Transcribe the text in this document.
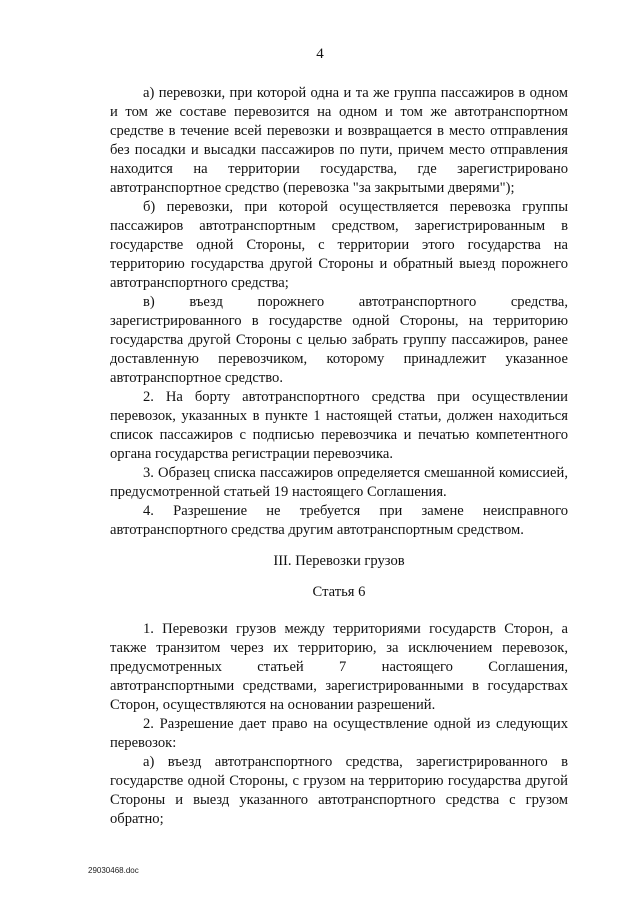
4

а) перевозки, при которой одна и та же группа пассажиров в одном и том же составе перевозится на одном и том же автотранспортном средстве в течение всей перевозки и возвращается в место отправления без посадки и высадки пассажиров по пути, причем место отправления находится на территории государства, где зарегистрировано автотранспортное средство (перевозка "за закрытыми дверями");

б) перевозки, при которой осуществляется перевозка группы пассажиров автотранспортным средством, зарегистрированным в государстве одной Стороны, с территории этого государства на территорию государства другой Стороны и обратный выезд порожнего автотранспортного средства;

в) въезд порожнего автотранспортного средства, зарегистрированного в государстве одной Стороны, на территорию государства другой Стороны с целью забрать группу пассажиров, ранее доставленную перевозчиком, которому принадлежит указанное автотранспортное средство.

2. На борту автотранспортного средства при осуществлении перевозок, указанных в пункте 1 настоящей статьи, должен находиться список пассажиров с подписью перевозчика и печатью компетентного органа государства регистрации перевозчика.

3. Образец списка пассажиров определяется смешанной комиссией, предусмотренной статьей 19 настоящего Соглашения.

4. Разрешение не требуется при замене неисправного автотранспортного средства другим автотранспортным средством.

III. Перевозки грузов

Статья 6

1. Перевозки грузов между территориями государств Сторон, а также транзитом через их территорию, за исключением перевозок, предусмотренных статьей 7 настоящего Соглашения, автотранспортными средствами, зарегистрированными в государствах Сторон, осуществляются на основании разрешений.

2. Разрешение дает право на осуществление одной из следующих перевозок:

а) въезд автотранспортного средства, зарегистрированного в государстве одной Стороны, с грузом на территорию государства другой Стороны и выезд указанного автотранспортного средства с грузом обратно;

29030468.doc
